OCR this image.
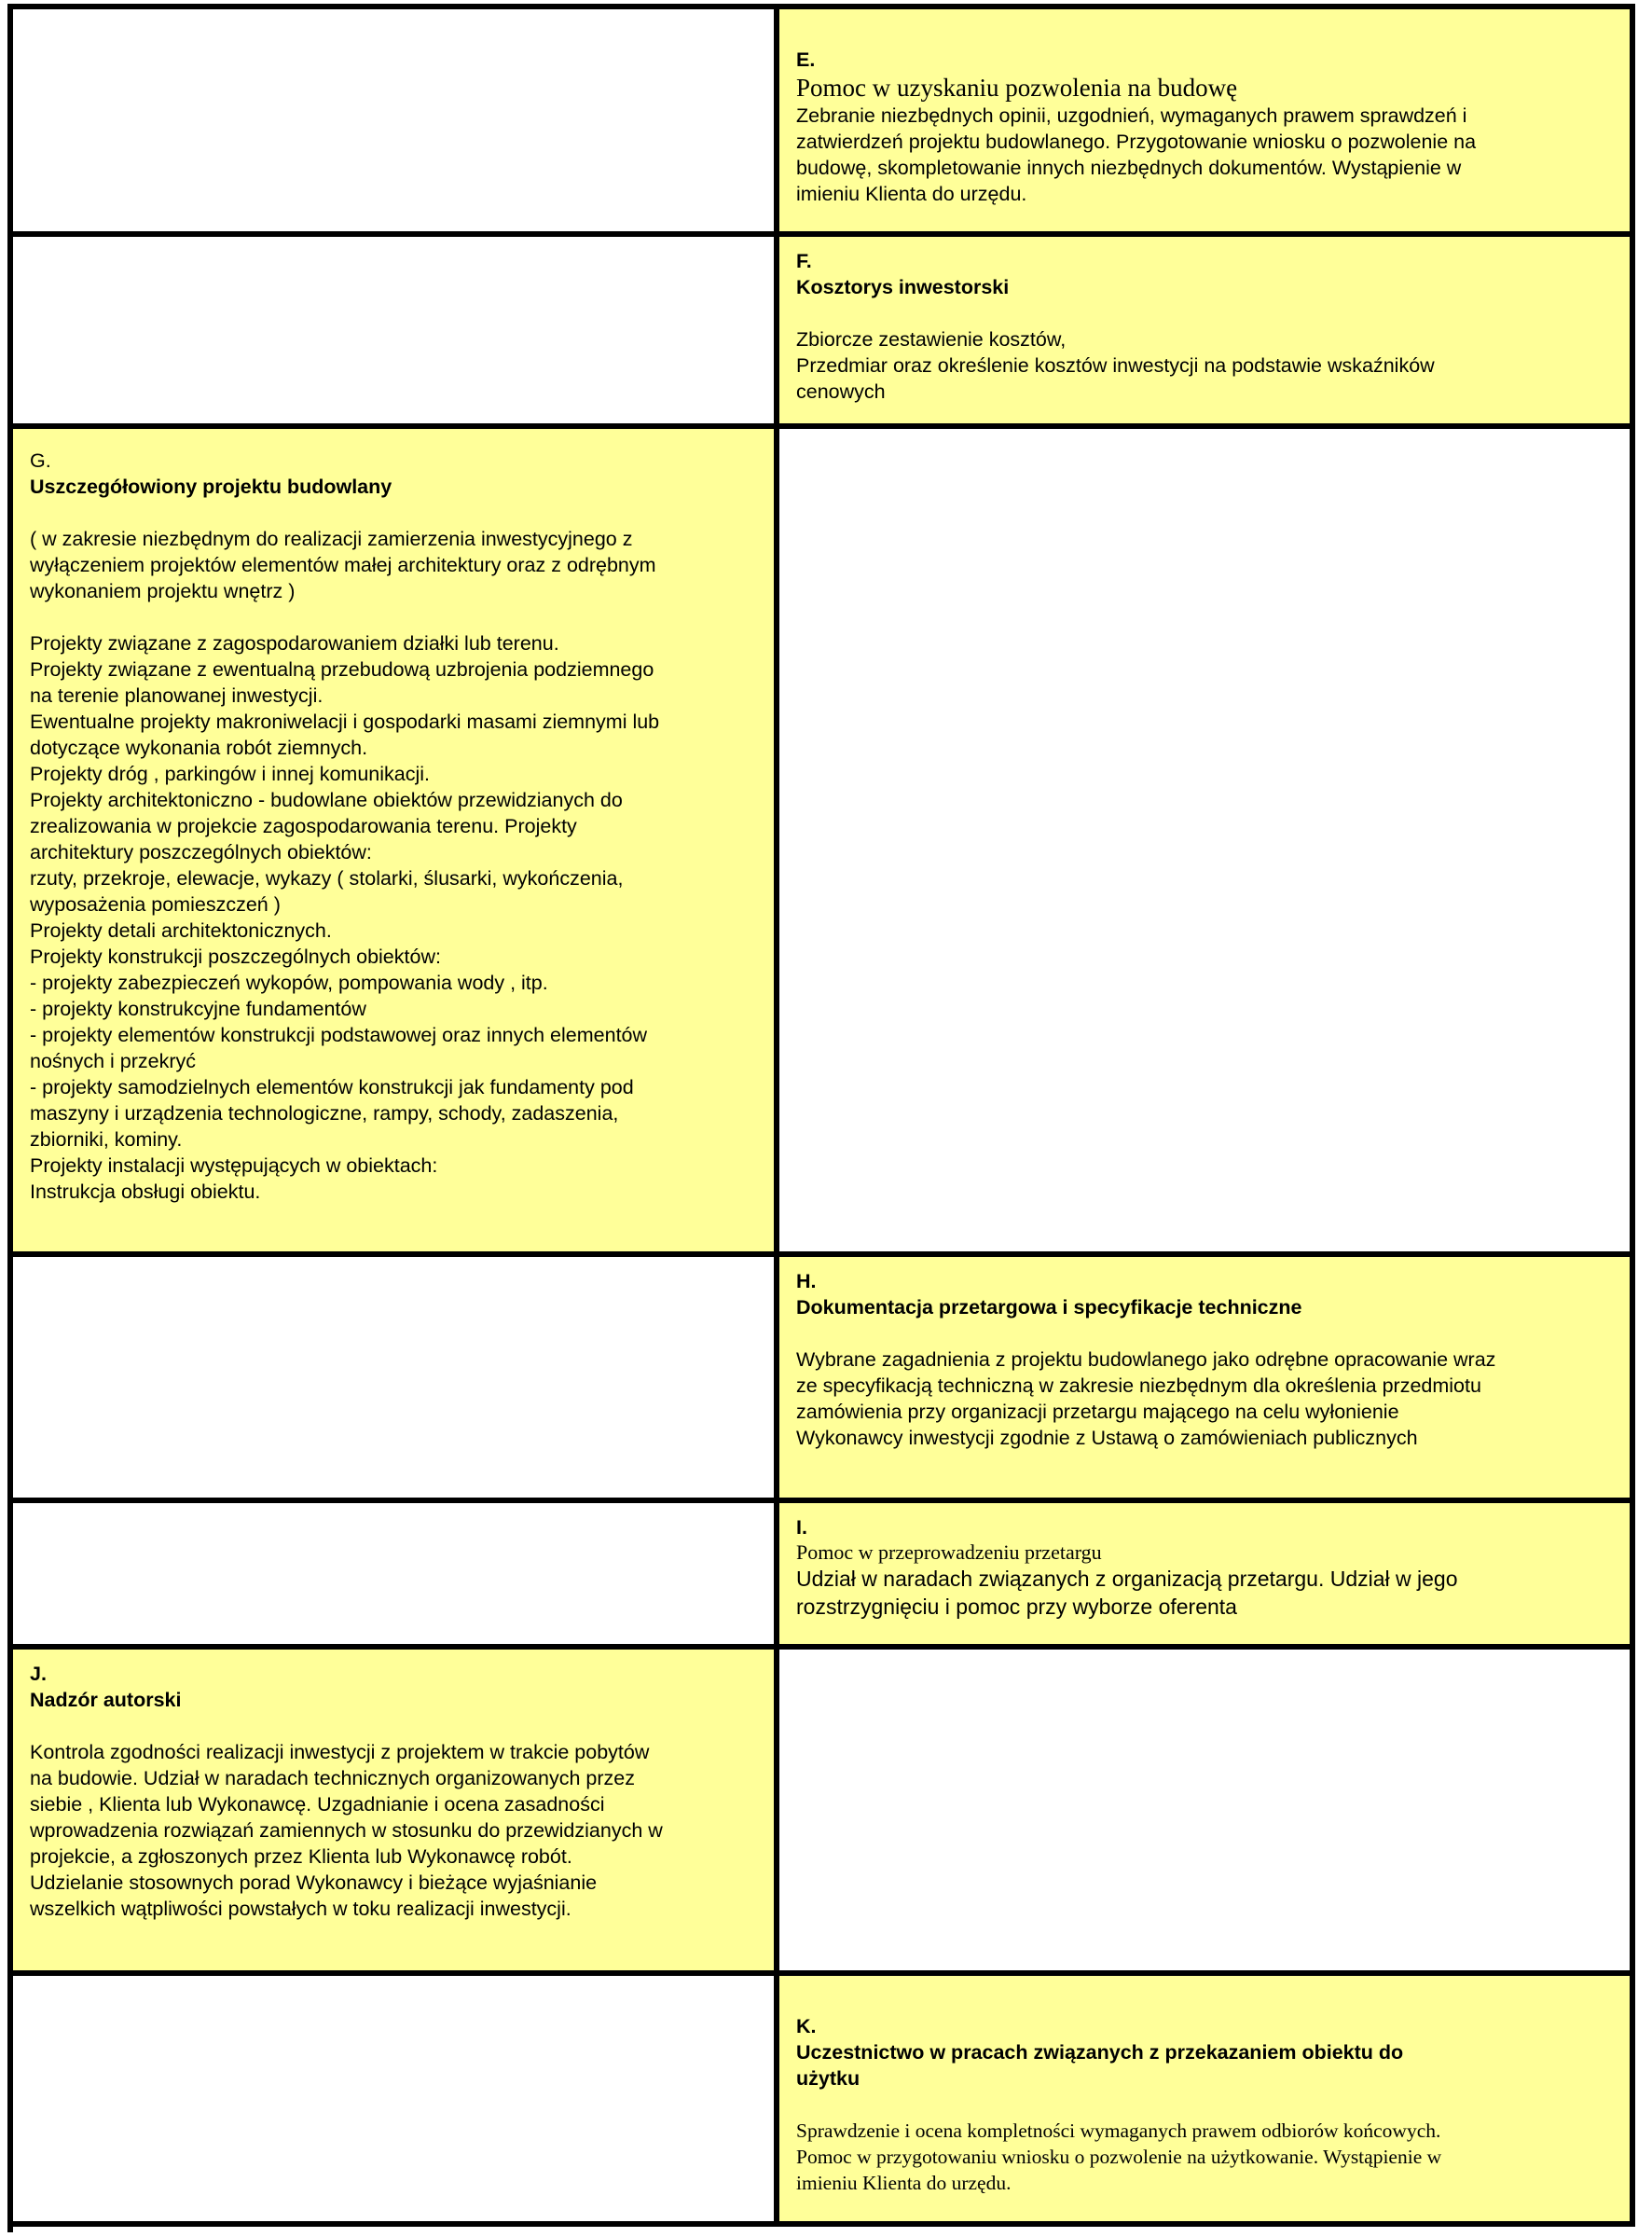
E.
Pomoc w uzyskaniu pozwolenia na budowę
Zebranie niezbędnych opinii, uzgodnień, wymaganych prawem sprawdzeń i
zatwierdzeń projektu budowlanego. Przygotowanie wniosku o pozwolenie na
budowę, skompletowanie innych niezbędnych dokumentów. Wystąpienie w
imieniu Klienta do urzędu.
F.
Kosztorys inwestorski
Zbiorcze zestawienie kosztów,
Przedmiar oraz określenie kosztów inwestycji na podstawie wskaźników
cenowych
G.
Uszczegółowiony projektu budowlany
( w zakresie niezbędnym do realizacji zamierzenia inwestycyjnego z
wyłączeniem projektów elementów małej architektury oraz z odrębnym
wykonaniem projektu wnętrz )
Projekty związane z zagospodarowaniem działki lub terenu.
Projekty związane z ewentualną przebudową uzbrojenia podziemnego
na terenie planowanej inwestycji.
Ewentualne projekty makroniwelacji i gospodarki masami ziemnymi lub
dotyczące wykonania robót ziemnych.
Projekty dróg , parkingów i innej komunikacji.
Projekty architektoniczno - budowlane obiektów przewidzianych do
zrealizowania w projekcie zagospodarowania terenu. Projekty
architektury poszczególnych obiektów:
rzuty, przekroje, elewacje, wykazy ( stolarki, ślusarki, wykończenia,
wyposażenia pomieszczeń )
Projekty detali architektonicznych.
Projekty konstrukcji poszczególnych obiektów:
- projekty zabezpieczeń wykopów, pompowania wody , itp.
- projekty konstrukcyjne fundamentów
- projekty elementów konstrukcji podstawowej oraz innych elementów
nośnych i przekryć
- projekty samodzielnych elementów konstrukcji jak fundamenty pod
maszyny i urządzenia technologiczne, rampy, schody, zadaszenia,
zbiorniki, kominy.
Projekty instalacji występujących w obiektach:
Instrukcja obsługi obiektu.
H.
Dokumentacja przetargowa i specyfikacje techniczne
Wybrane zagadnienia z projektu budowlanego jako odrębne opracowanie wraz
ze specyfikacją techniczną w zakresie niezbędnym dla określenia przedmiotu
zamówienia przy organizacji przetargu mającego na celu wyłonienie
Wykonawcy inwestycji zgodnie z Ustawą o zamówieniach publicznych
I.
Pomoc w przeprowadzeniu przetargu
Udział w naradach związanych z organizacją przetargu. Udział w jego
rozstrzygnięciu i pomoc przy wyborze oferenta
J.
Nadzór autorski
Kontrola zgodności realizacji inwestycji z projektem w trakcie pobytów
na budowie. Udział w naradach technicznych organizowanych przez
siebie , Klienta lub Wykonawcę. Uzgadnianie i ocena zasadności
wprowadzenia rozwiązań zamiennych w stosunku do przewidzianych w
projekcie, a zgłoszonych przez Klienta lub Wykonawcę robót.
Udzielanie stosownych porad Wykonawcy i bieżące wyjaśnianie
wszelkich wątpliwości powstałych w toku realizacji inwestycji.
K.
Uczestnictwo w pracach związanych z przekazaniem obiektu do
użytku
Sprawdzenie i ocena kompletności wymaganych prawem odbiorów końcowych.
Pomoc w przygotowaniu wniosku o pozwolenie na użytkowanie. Wystąpienie w
imieniu Klienta do urzędu.
